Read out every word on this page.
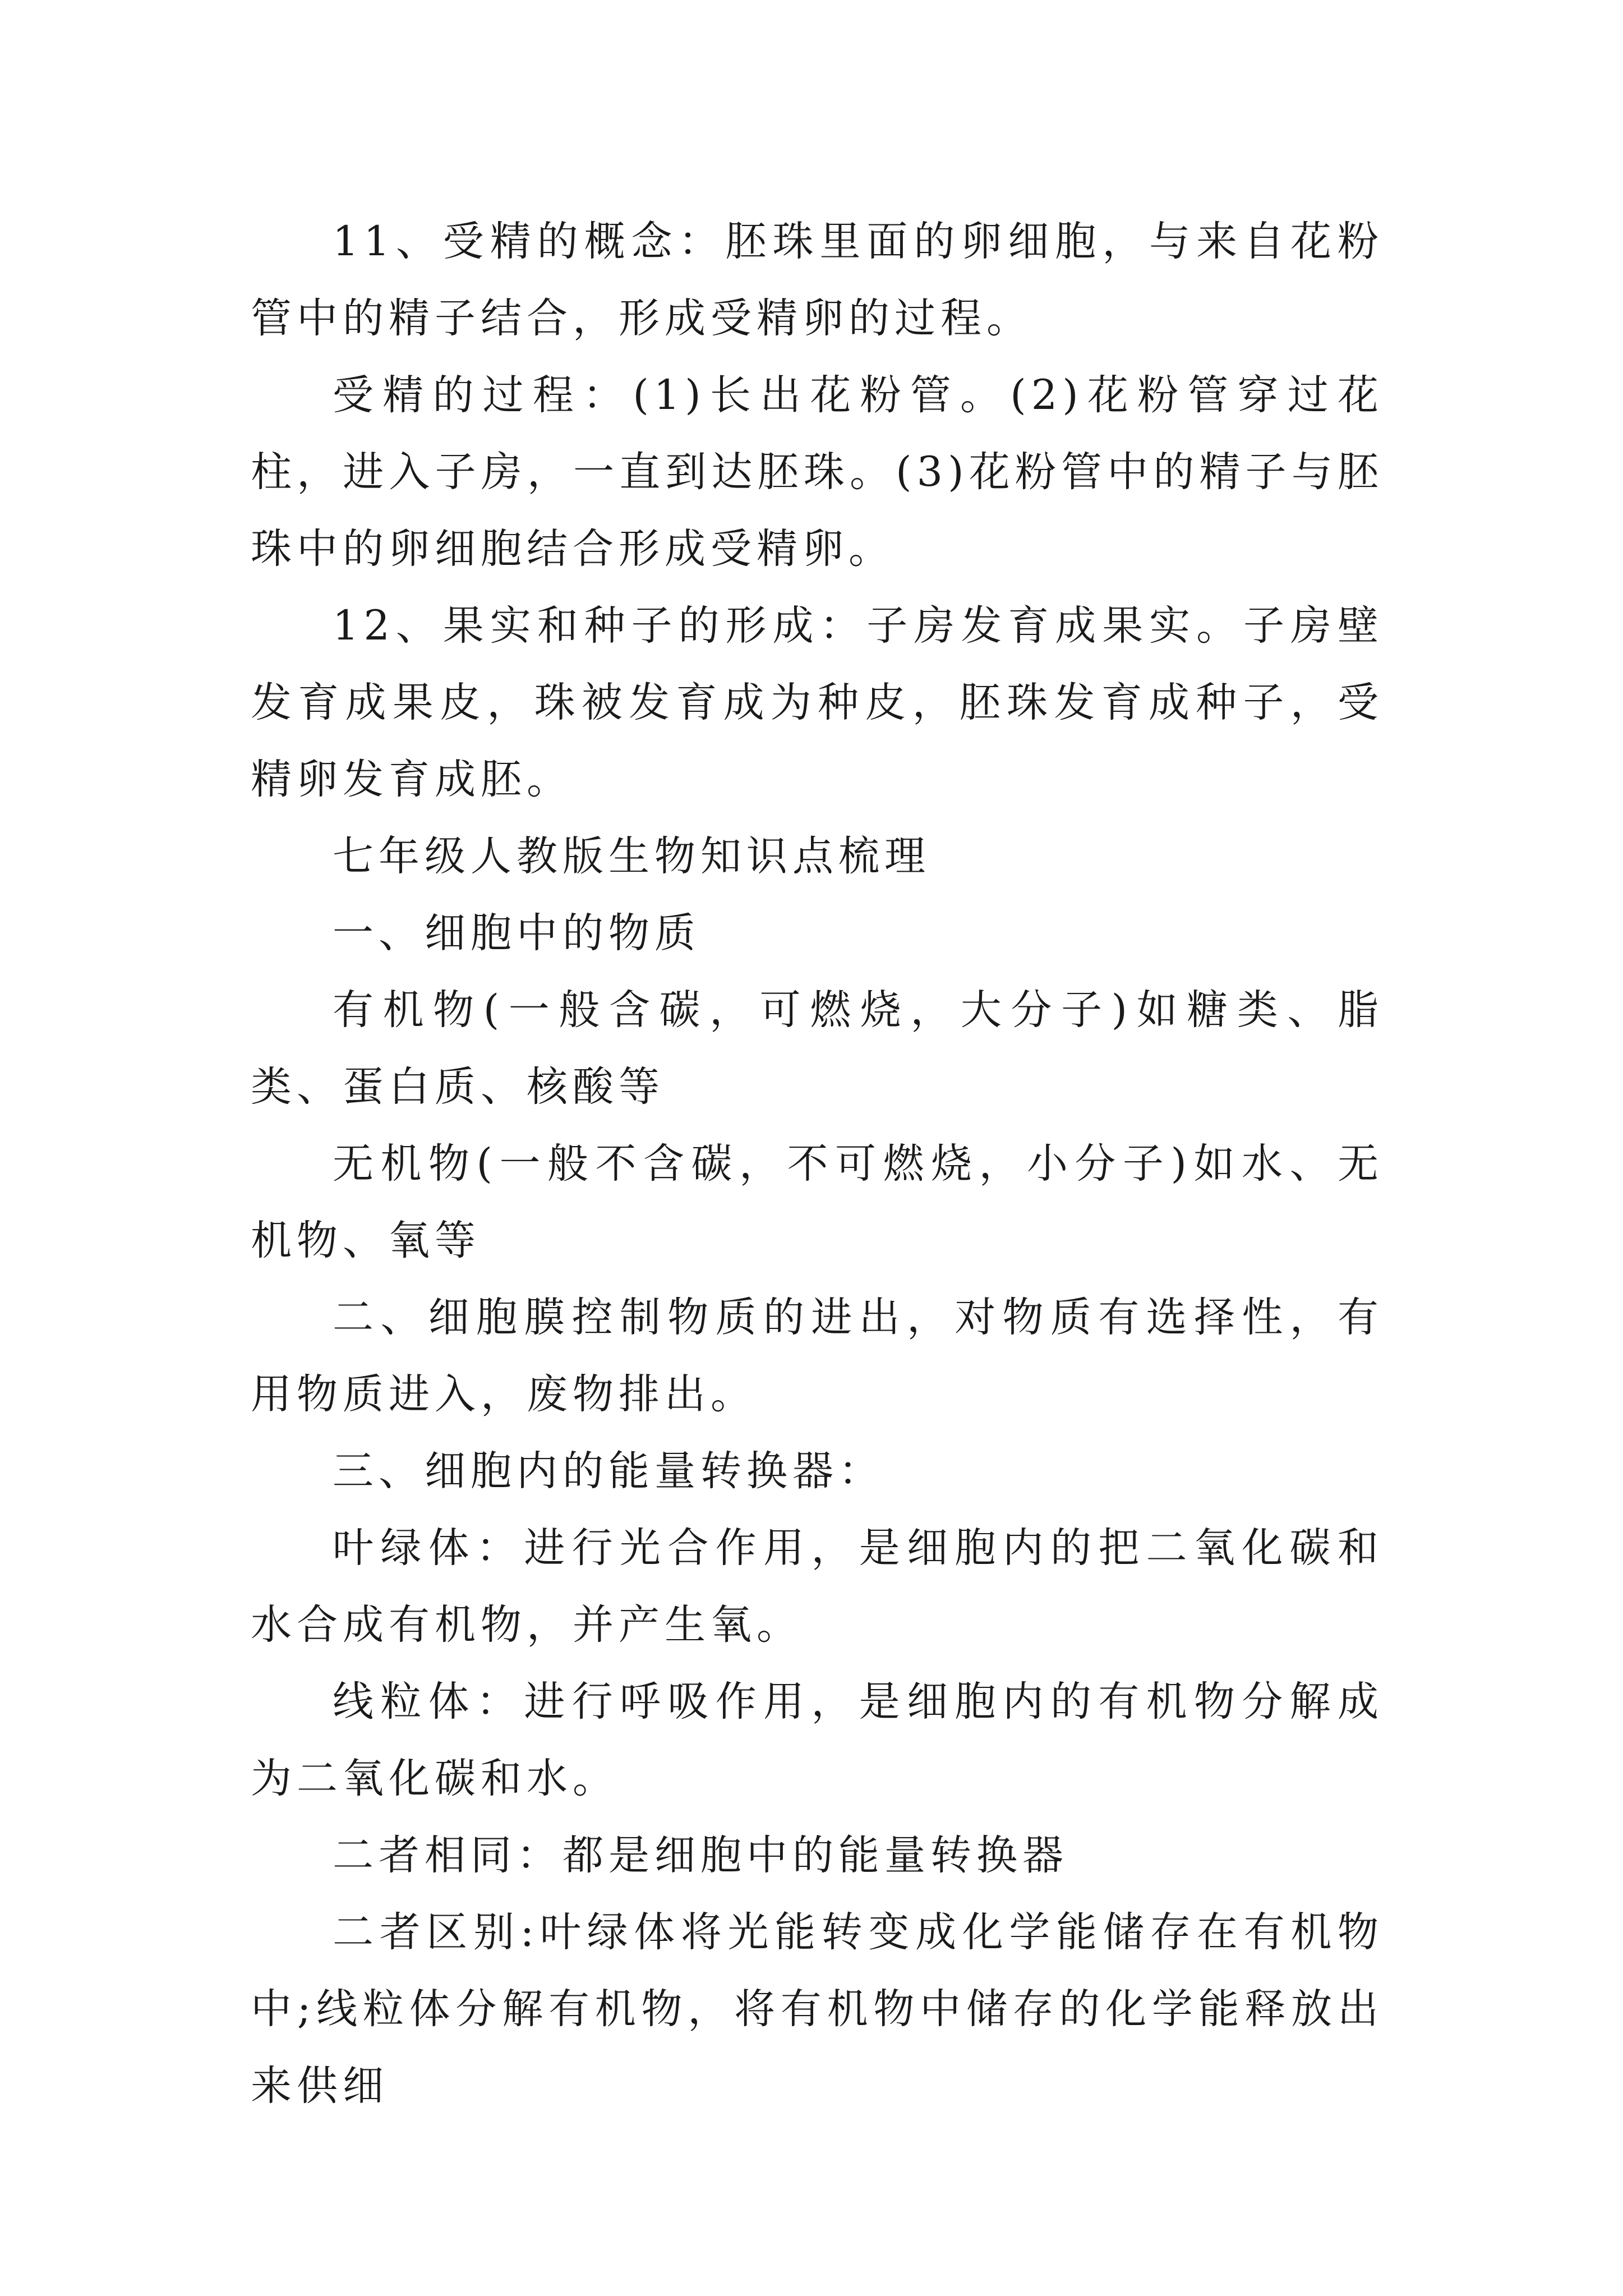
11、受精的概念：胚珠里面的卵细胞，与来自花粉管中的精子结合，形成受精卵的过程。

受精的过程：(1)长出花粉管。(2)花粉管穿过花柱，进入子房，一直到达胚珠。(3)花粉管中的精子与胚珠中的卵细胞结合形成受精卵。

12、果实和种子的形成：子房发育成果实。子房壁发育成果皮，珠被发育成为种皮，胚珠发育成种子，受精卵发育成胚。

七年级人教版生物知识点梳理

一、细胞中的物质

有机物(一般含碳，可燃烧，大分子)如糖类、脂类、蛋白质、核酸等

无机物(一般不含碳，不可燃烧，小分子)如水、无机物、氧等

二、细胞膜控制物质的进出，对物质有选择性，有用物质进入，废物排出。

三、细胞内的能量转换器：

叶绿体：进行光合作用，是细胞内的把二氧化碳和水合成有机物，并产生氧。

线粒体：进行呼吸作用，是细胞内的有机物分解成为二氧化碳和水。

二者相同：都是细胞中的能量转换器

二者区别:叶绿体将光能转变成化学能储存在有机物中;线粒体分解有机物，将有机物中储存的化学能释放出来供细
